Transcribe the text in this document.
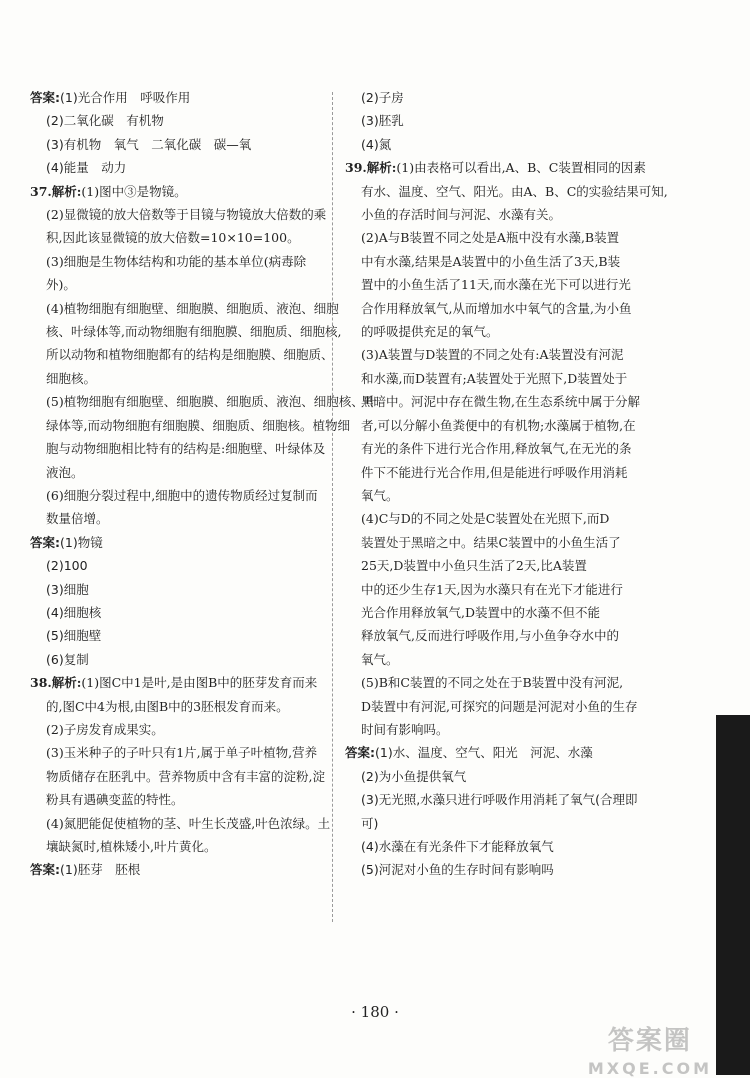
答案:(1)光合作用　呼吸作用
(2)二氧化碳　有机物
(3)有机物　氧气　二氧化碳　碳—氧
(4)能量　动力
37.解析:(1)图中③是物镜。
(2)显微镜的放大倍数等于目镜与物镜放大倍数的乘
积,因此该显微镜的放大倍数=10×10=100。
(3)细胞是生物体结构和功能的基本单位(病毒除
外)。
(4)植物细胞有细胞壁、细胞膜、细胞质、液泡、细胞
核、叶绿体等,而动物细胞有细胞膜、细胞质、细胞核,
所以动物和植物细胞都有的结构是细胞膜、细胞质、
细胞核。
(5)植物细胞有细胞壁、细胞膜、细胞质、液泡、细胞核、叶
绿体等,而动物细胞有细胞膜、细胞质、细胞核。植物细
胞与动物细胞相比特有的结构是:细胞壁、叶绿体及
液泡。
(6)细胞分裂过程中,细胞中的遗传物质经过复制而
数量倍增。
答案:(1)物镜
(2)100
(3)细胞
(4)细胞核
(5)细胞壁
(6)复制
38.解析:(1)图C中1是叶,是由图B中的胚芽发育而来
的,图C中4为根,由图B中的3胚根发育而来。
(2)子房发育成果实。
(3)玉米种子的子叶只有1片,属于单子叶植物,营养
物质储存在胚乳中。营养物质中含有丰富的淀粉,淀
粉具有遇碘变蓝的特性。
(4)氮肥能促使植物的茎、叶生长茂盛,叶色浓绿。土
壤缺氮时,植株矮小,叶片黄化。
答案:(1)胚芽　胚根
(2)子房
(3)胚乳
(4)氮
39.解析:(1)由表格可以看出,A、B、C装置相同的因素
有水、温度、空气、阳光。由A、B、C的实验结果可知,
小鱼的存活时间与河泥、水藻有关。
(2)A与B装置不同之处是A瓶中没有水藻,B装置
中有水藻,结果是A装置中的小鱼生活了3天,B装
置中的小鱼生活了11天,而水藻在光下可以进行光
合作用释放氧气,从而增加水中氧气的含量,为小鱼
的呼吸提供充足的氧气。
(3)A装置与D装置的不同之处有:A装置没有河泥
和水藻,而D装置有;A装置处于光照下,D装置处于
黑暗中。河泥中存在微生物,在生态系统中属于分解
者,可以分解小鱼粪便中的有机物;水藻属于植物,在
有光的条件下进行光合作用,释放氧气,在无光的条
件下不能进行光合作用,但是能进行呼吸作用消耗
氧气。
(4)C与D的不同之处是C装置处在光照下,而D
装置处于黑暗之中。结果C装置中的小鱼生活了
25天,D装置中小鱼只生活了2天,比A装置
中的还少生存1天,因为水藻只有在光下才能进行
光合作用释放氧气,D装置中的水藻不但不能
释放氧气,反而进行呼吸作用,与小鱼争夺水中的
氧气。
(5)B和C装置的不同之处在于B装置中没有河泥,
D装置中有河泥,可探究的问题是河泥对小鱼的生存
时间有影响吗。
答案:(1)水、温度、空气、阳光　河泥、水藻
(2)为小鱼提供氧气
(3)无光照,水藻只进行呼吸作用消耗了氧气(合理即
可)
(4)水藻在有光条件下才能释放氧气
(5)河泥对小鱼的生存时间有影响吗
· 180 ·
答案圈
MXQE.COM
